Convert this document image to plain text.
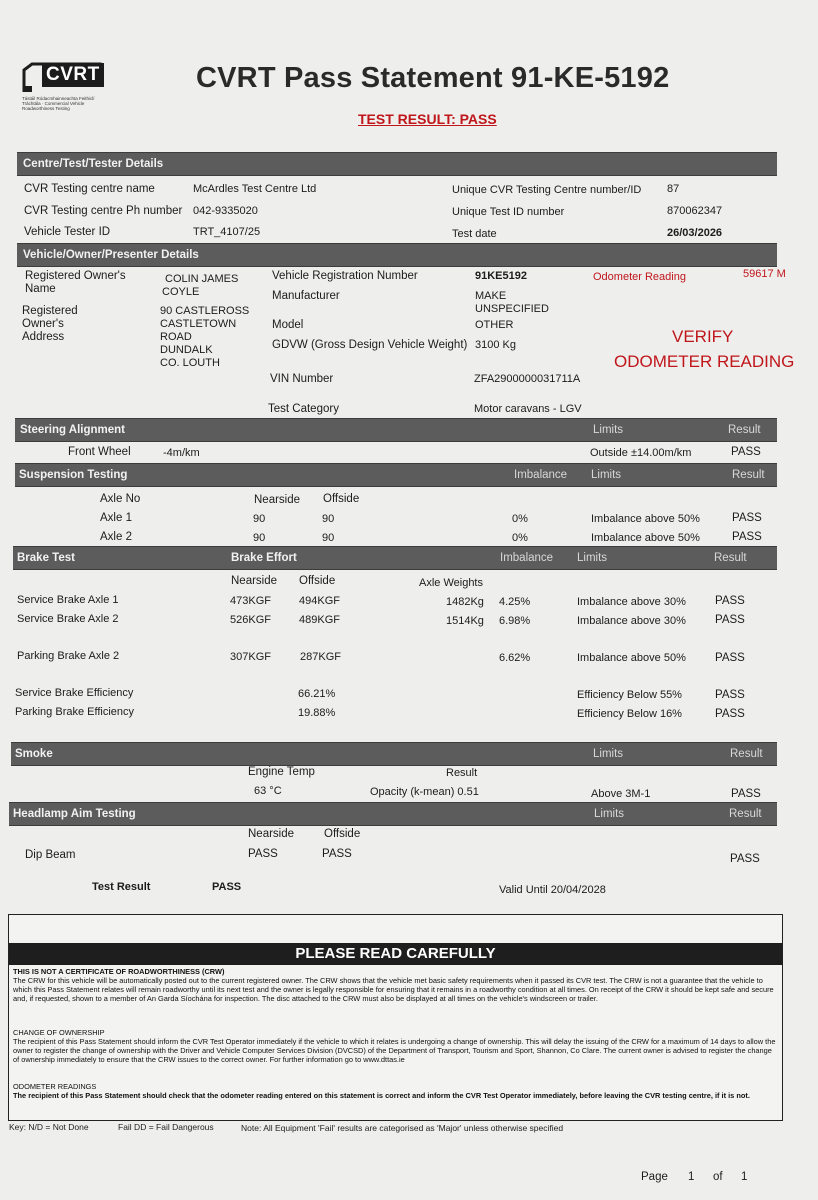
CVRT
Tástáil Ródacmhainneachta Feithiclí Tráchtála · Commercial Vehicle Roadworthiness Testing
CVRT Pass Statement 91-KE-5192
TEST RESULT: PASS
Centre/Test/Tester Details
CVR Testing centre name	McArdles Test Centre Ltd
CVR Testing centre Ph number 042-9335020
Vehicle Tester ID	TRT_4107/25
Unique CVR Testing Centre number/ID 87
Unique Test ID number	870062347
Test date	26/03/2026
Vehicle/Owner/Presenter Details
Registered Owner's
Name
COLIN JAMES
COYLE
Registered
Owner's
Address
90 CASTLEROSS
CASTLETOWN
ROAD
DUNDALK
CO. LOUTH
Vehicle Registration Number	91KE5192	Odometer Reading	59617 M
Manufacturer	MAKE
UNSPECIFIED
Model	OTHER
GDVW (Gross Design Vehicle Weight) 3100 Kg	VERIFY
ODOMETER READING
VIN Number	ZFA2900000031711A
Test Category	Motor caravans - LGV
Steering Alignment	Limits	Result
Front Wheel	-4m/km	Outside ±14.00m/km	PASS
Suspension Testing	Imbalance Limits	Result
Axle No	Nearside Offside
Axle 1	90	90	0%	Imbalance above 50%	PASS
Axle 2	90	90	0%	Imbalance above 50%	PASS
Brake Test	Brake Effort	Imbalance Limits	Result
Nearside Offside	Axle Weights
Service Brake Axle 1	473KGF	494KGF	1482Kg 4.25%	Imbalance above 30%	PASS
Service Brake Axle 2	526KGF	489KGF	1514Kg 6.98%	Imbalance above 30%	PASS
Parking Brake Axle 2	307KGF	287KGF	6.62%	Imbalance above 50%	PASS
Service Brake Efficiency	66.21%	Efficiency Below 55%	PASS
Parking Brake Efficiency	19.88%	Efficiency Below 16%	PASS
Smoke	Limits	Result
Engine Temp	Result
63 °C	Opacity (k-mean) 0.51	Above 3M-1	PASS
Headlamp Aim Testing	Limits	Result
Nearside	Offside
Dip Beam	PASS	PASS	PASS
Test Result	PASS	Valid Until 20/04/2028
PLEASE READ CAREFULLY
THIS IS NOT A CERTIFICATE OF ROADWORTHINESS (CRW)
The CRW for this vehicle will be automatically posted out to the current registered owner. The CRW shows that the vehicle met basic safety requirements when it passed its CVR test. The CRW is not a guarantee that the vehicle to which this Pass Statement relates will remain roadworthy until its next test and the owner is legally responsible for ensuring that it remains in a roadworthy condition at all times. On receipt of the CRW it should be kept safe and secure and, if requested, shown to a member of An Garda Síochána for inspection. The disc attached to the CRW must also be displayed at all times on the vehicle's windscreen or trailer.
CHANGE OF OWNERSHIP
The recipient of this Pass Statement should inform the CVR Test Operator immediately if the vehicle to which it relates is undergoing a change of ownership. This will delay the issuing of the CRW for a maximum of 14 days to allow the owner to register the change of ownership with the Driver and Vehicle Computer Services Division (DVCSD) of the Department of Transport, Tourism and Sport, Shannon, Co Clare. The current owner is advised to register the change of ownership immediately to ensure that the CRW issues to the correct owner. For further information go to www.dttas.ie
ODOMETER READINGS
The recipient of this Pass Statement should check that the odometer reading entered on this statement is correct and inform the CVR Test Operator immediately, before leaving the CVR testing centre, if it is not.
Key: N/D = Not Done	Fail DD = Fail Dangerous	Note: All Equipment 'Fail' results are categorised as 'Major' unless otherwise specified
Page 1 of 1
